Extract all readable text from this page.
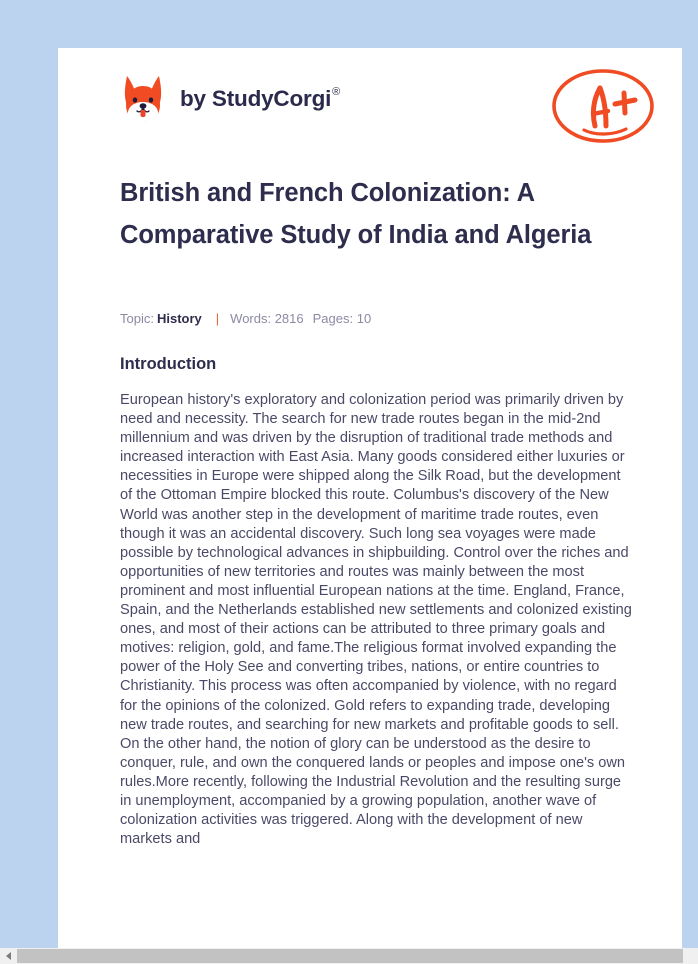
by StudyCorgi®
British and French Colonization: A Comparative Study of India and Algeria
Topic: History | Words: 2816 Pages: 10
Introduction

European history's exploratory and colonization period was primarily driven by need and necessity. The search for new trade routes began in the mid-2nd millennium and was driven by the disruption of traditional trade methods and increased interaction with East Asia. Many goods considered either luxuries or necessities in Europe were shipped along the Silk Road, but the development of the Ottoman Empire blocked this route. Columbus's discovery of the New World was another step in the development of maritime trade routes, even though it was an accidental discovery. Such long sea voyages were made possible by technological advances in shipbuilding. Control over the riches and opportunities of new territories and routes was mainly between the most prominent and most influential European nations at the time. England, France, Spain, and the Netherlands established new settlements and colonized existing ones, and most of their actions can be attributed to three primary goals and motives: religion, gold, and fame.The religious format involved expanding the power of the Holy See and converting tribes, nations, or entire countries to Christianity. This process was often accompanied by violence, with no regard for the opinions of the colonized. Gold refers to expanding trade, developing new trade routes, and searching for new markets and profitable goods to sell. On the other hand, the notion of glory can be understood as the desire to conquer, rule, and own the conquered lands or peoples and impose one's own rules.More recently, following the Industrial Revolution and the resulting surge in unemployment, accompanied by a growing population, another wave of colonization activities was triggered. Along with the development of new markets and
